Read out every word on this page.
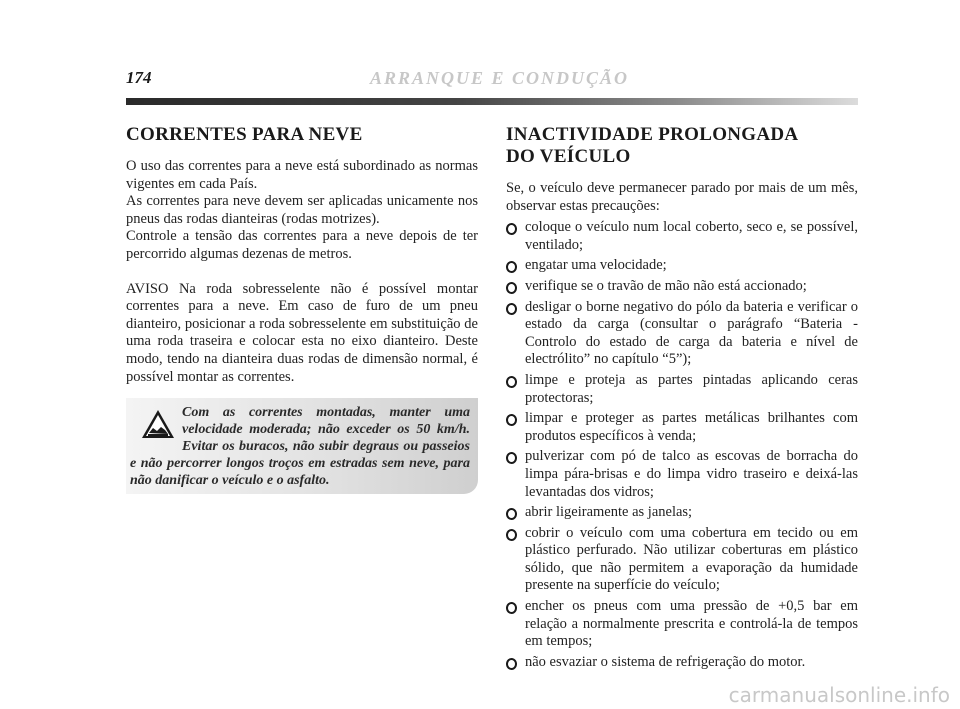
174	ARRANQUE E CONDUÇÃO
CORRENTES PARA NEVE

O uso das correntes para a neve está subordinado as normas vigentes em cada País.

As correntes para neve devem ser aplicadas unicamente nos pneus das rodas dianteiras (rodas motrizes).

Controle a tensão das correntes para a neve depois de ter percorrido algumas dezenas de metros.

AVISO Na roda sobresselente não é possível montar correntes para a neve. Em caso de furo de um pneu dianteiro, posicionar a roda sobresselente em substituição de uma roda traseira e colocar esta no eixo dianteiro. Deste modo, tendo na dianteira duas rodas de dimensão normal, é possível montar as correntes.

Com as correntes montadas, manter uma velocidade moderada; não exceder os 50 km/h. Evitar os buracos, não subir degraus ou passeios e não percorrer longos troços em estradas sem neve, para não danificar o veículo e o asfalto.
INACTIVIDADE PROLONGADA
DO VEÍCULO

Se, o veículo deve permanecer parado por mais de um mês, observar estas precauções:

coloque o veículo num local coberto, seco e, se possível, ventilado;
engatar uma velocidade;
verifique se o travão de mão não está accionado;
desligar o borne negativo do pólo da bateria e verificar o estado da carga (consultar o parágrafo “Bateria - Controlo do estado de carga da bateria e nível de electrólito” no capítulo “5”);
limpe e proteja as partes pintadas aplicando ceras protectoras;
limpar e proteger as partes metálicas brilhantes com produtos específicos à venda;
pulverizar com pó de talco as escovas de borracha do limpa pára-brisas e do limpa vidro traseiro e deixá-las levantadas dos vidros;
abrir ligeiramente as janelas;
cobrir o veículo com uma cobertura em tecido ou em plástico perfurado. Não utilizar coberturas em plástico sólido, que não permitem a evaporação da humidade presente na superfície do veículo;
encher os pneus com uma pressão de +0,5 bar em relação a normalmente prescrita e controlá-la de tempos em tempos;
não esvaziar o sistema de refrigeração do motor.
carmanualsonline.info
